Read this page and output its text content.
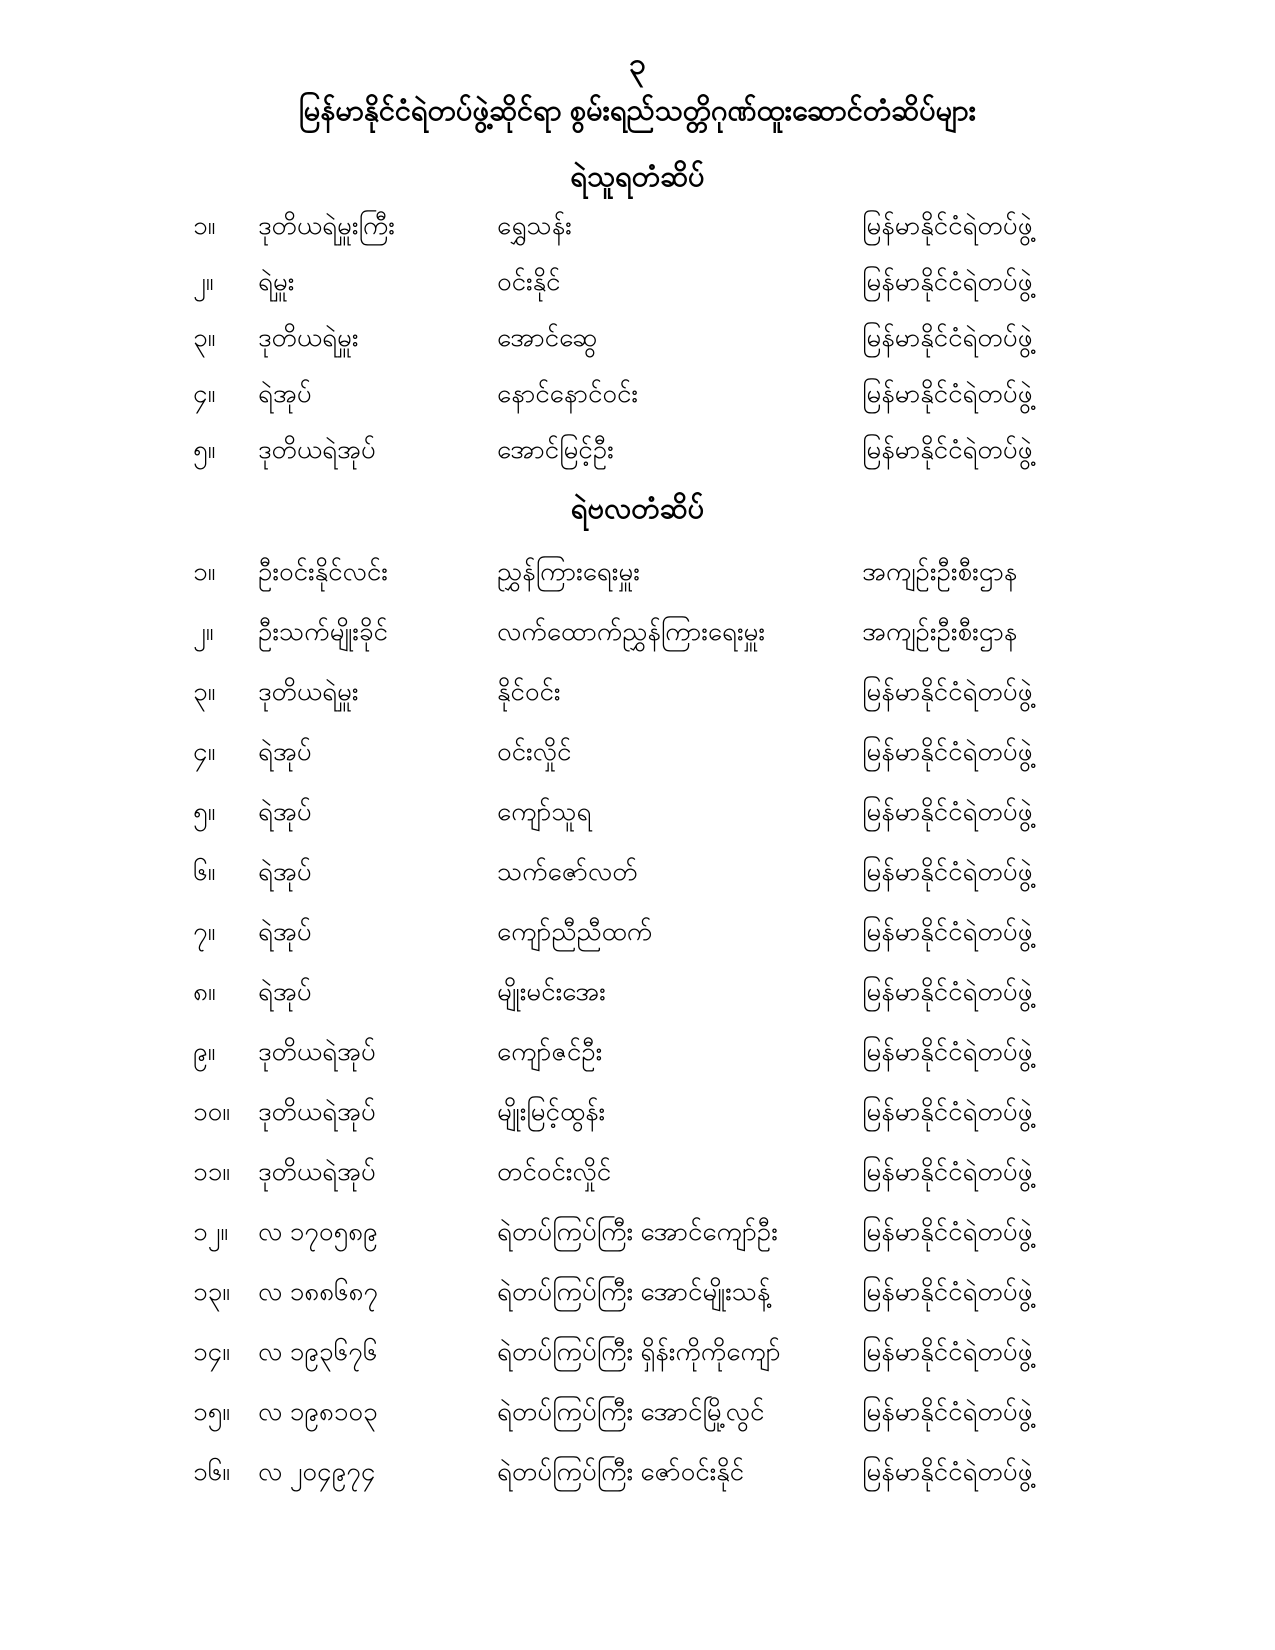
၃
မြန်မာနိုင်ငံရဲတပ်ဖွဲ့ဆိုင်ရာ စွမ်းရည်သတ္တိဂုဏ်ထူးဆောင်တံဆိပ်များ
ရဲသူရတံဆိပ်
၁။ ဒုတိယရဲမှူးကြီး	ရွှေသန်း	မြန်မာနိုင်ငံရဲတပ်ဖွဲ့
၂။ ရဲမှူး	ဝင်းနိုင်	မြန်မာနိုင်ငံရဲတပ်ဖွဲ့
၃။ ဒုတိယရဲမှူး	အောင်ဆွေ	မြန်မာနိုင်ငံရဲတပ်ဖွဲ့
၄။ ရဲအုပ်	နောင်နောင်ဝင်း	မြန်မာနိုင်ငံရဲတပ်ဖွဲ့
၅။ ဒုတိယရဲအုပ်	အောင်မြင့်ဦး	မြန်မာနိုင်ငံရဲတပ်ဖွဲ့
ရဲဗလတံဆိပ်
၁။ ဦးဝင်းနိုင်လင်း	ညွှန်ကြားရေးမှူး	အကျဉ်းဦးစီးဌာန
၂။ ဦးသက်မျိုးခိုင်	လက်ထောက်ညွှန်ကြားရေးမှူး	အကျဉ်းဦးစီးဌာန
၃။ ဒုတိယရဲမှူး	နိုင်ဝင်း	မြန်မာနိုင်ငံရဲတပ်ဖွဲ့
၄။ ရဲအုပ်	ဝင်းလှိုင်	မြန်မာနိုင်ငံရဲတပ်ဖွဲ့
၅။ ရဲအုပ်	ကျော်သူရ	မြန်မာနိုင်ငံရဲတပ်ဖွဲ့
၆။ ရဲအုပ်	သက်ဇော်လတ်	မြန်မာနိုင်ငံရဲတပ်ဖွဲ့
၇။ ရဲအုပ်	ကျော်ညီညီထက်	မြန်မာနိုင်ငံရဲတပ်ဖွဲ့
၈။ ရဲအုပ်	မျိုးမင်းအေး	မြန်မာနိုင်ငံရဲတပ်ဖွဲ့
၉။ ဒုတိယရဲအုပ်	ကျော်ဇင်ဦး	မြန်မာနိုင်ငံရဲတပ်ဖွဲ့
၁၀။ ဒုတိယရဲအုပ်	မျိုးမြင့်ထွန်း	မြန်မာနိုင်ငံရဲတပ်ဖွဲ့
၁၁။ ဒုတိယရဲအုပ်	တင်ဝင်းလှိုင်	မြန်မာနိုင်ငံရဲတပ်ဖွဲ့
၁၂။ လ ၁၇၀၅၈၉	ရဲတပ်ကြပ်ကြီး အောင်ကျော်ဦး	မြန်မာနိုင်ငံရဲတပ်ဖွဲ့
၁၃။ လ ၁၈၈၆၈၇	ရဲတပ်ကြပ်ကြီး အောင်မျိုးသန့်	မြန်မာနိုင်ငံရဲတပ်ဖွဲ့
၁၄။ လ ၁၉၃၆၇၆	ရဲတပ်ကြပ်ကြီး ရှိန်းကိုကိုကျော်	မြန်မာနိုင်ငံရဲတပ်ဖွဲ့
၁၅။ လ ၁၉၈၁၀၃	ရဲတပ်ကြပ်ကြီး အောင်မြို့လွင်	မြန်မာနိုင်ငံရဲတပ်ဖွဲ့
၁၆။ လ ၂၀၄၉၇၄	ရဲတပ်ကြပ်ကြီး ဇော်ဝင်းနိုင်	မြန်မာနိုင်ငံရဲတပ်ဖွဲ့
